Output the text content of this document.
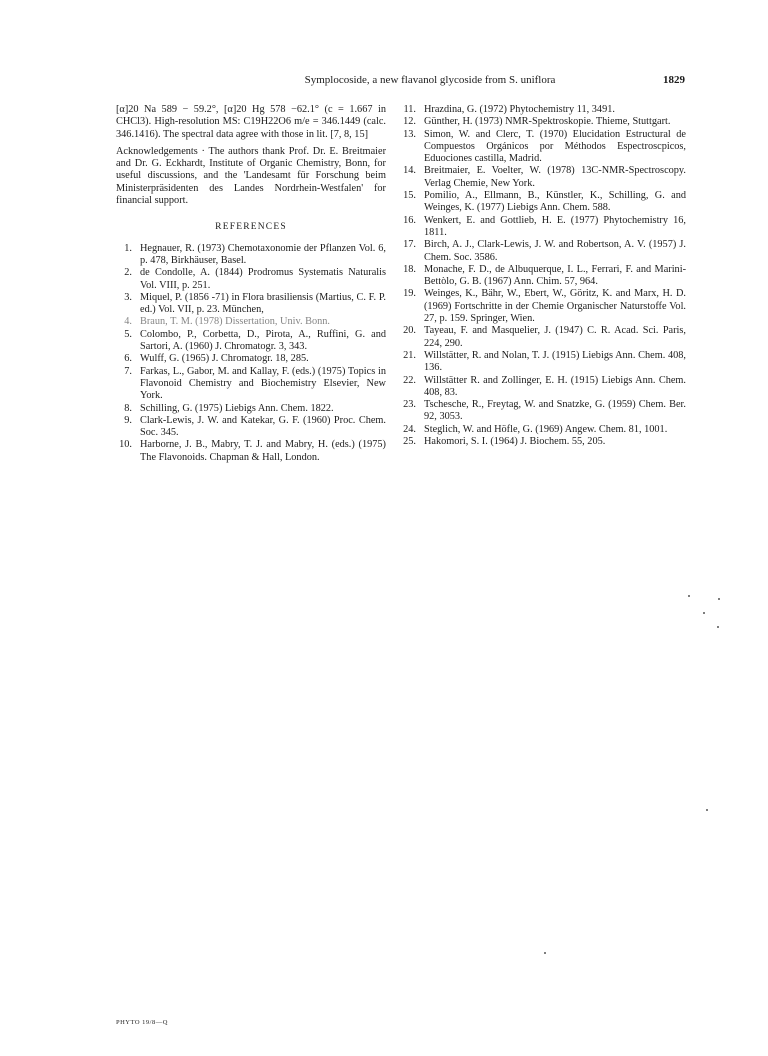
Symplocoside, a new flavanol glycoside from S. uniflora	1829

[α]20 Na 589 − 59.2°, [α]20 Hg 578 −62.1° (c = 1.667 in CHCl3). High-resolution MS: C19H22O6 m/e = 346.1449 (calc. 346.1416). The spectral data agree with those in lit. [7, 8, 15]

Acknowledgements · The authors thank Prof. Dr. E. Breitmaier and Dr. G. Eckhardt, Institute of Organic Chemistry, Bonn, for useful discussions, and the 'Landesamt für Forschung beim Ministerpräsidenten des Landes Nordrhein-Westfalen' for financial support.

REFERENCES
1. Hegnauer, R. (1973) Chemotaxonomie der Pflanzen Vol. 6, p. 478, Birkhäuser, Basel.
2. de Condolle, A. (1844) Prodromus Systematis Naturalis Vol. VIII, p. 251.
3. Miquel, P. (1856 -71) in Flora brasiliensis (Martius, C. F. P. ed.) Vol. VII, p. 23. München,
4. Braun, T. M. (1978) Dissertation, Univ. Bonn.
5. Colombo, P., Corbetta, D., Pirota, A., Ruffini, G. and Sartori, A. (1960) J. Chromatogr. 3, 343.
6. Wulff, G. (1965) J. Chromatogr. 18, 285.
7. Farkas, L., Gabor, M. and Kallay, F. (eds.) (1975) Topics in Flavonoid Chemistry and Biochemistry Elsevier, New York.
8. Schilling, G. (1975) Liebigs Ann. Chem. 1822.
9. Clark-Lewis, J. W. and Katekar, G. F. (1960) Proc. Chem. Soc. 345.
10. Harborne, J. B., Mabry, T. J. and Mabry, H. (eds.) (1975) The Flavonoids. Chapman & Hall, London.
11. Hrazdina, G. (1972) Phytochemistry 11, 3491.
12. Günther, H. (1973) NMR-Spektroskopie. Thieme, Stuttgart.
13. Simon, W. and Clerc, T. (1970) Elucidation Estructural de Compuestos Orgánicos por Méthodos Espectroscpicos, Eduociones castilla, Madrid.
14. Breitmaier, E. Voelter, W. (1978) 13C-NMR-Spectroscopy. Verlag Chemie, New York.
15. Pomilio, A., Ellmann, B., Künstler, K., Schilling, G. and Weinges, K. (1977) Liebigs Ann. Chem. 588.
16. Wenkert, E. and Gottlieb, H. E. (1977) Phytochemistry 16, 1811.
17. Birch, A. J., Clark-Lewis, J. W. and Robertson, A. V. (1957) J. Chem. Soc. 3586.
18. Monache, F. D., de Albuquerque, I. L., Ferrari, F. and Marini-Bettòlo, G. B. (1967) Ann. Chim. 57, 964.
19. Weinges, K., Bähr, W., Ebert, W., Göritz, K. and Marx, H. D. (1969) Fortschritte in der Chemie Organischer Naturstoffe Vol. 27, p. 159. Springer, Wien.
20. Tayeau, F. and Masquelier, J. (1947) C. R. Acad. Sci. Paris, 224, 290.
21. Willstätter, R. and Nolan, T. J. (1915) Liebigs Ann. Chem. 408, 136.
22. Willstätter R. and Zollinger, E. H. (1915) Liebigs Ann. Chem. 408, 83.
23. Tschesche, R., Freytag, W. and Snatzke, G. (1959) Chem. Ber. 92, 3053.
24. Steglich, W. and Höfle, G. (1969) Angew. Chem. 81, 1001.
25. Hakomori, S. I. (1964) J. Biochem. 55, 205.
PHYTO 19/8—Q
